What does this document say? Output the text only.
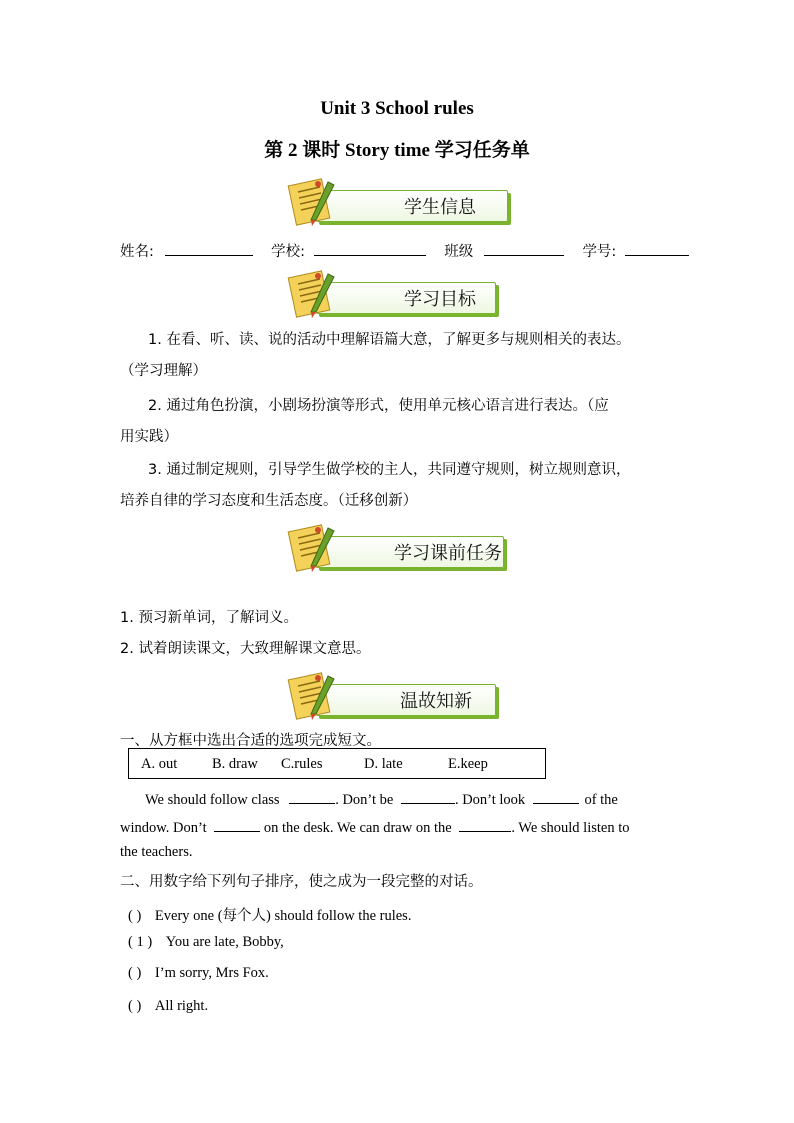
Unit 3 School rules
第 2 课时 Story time 学习任务单
学生信息
姓名:	学校:	班级	学号:
学习目标
1. 在看、听、读、说的活动中理解语篇大意，了解更多与规则相关的表达。
（学习理解）
2. 通过角色扮演，小剧场扮演等形式，使用单元核心语言进行表达。（应
用实践）
3. 通过制定规则，引导学生做学校的主人，共同遵守规则，树立规则意识，
培养自律的学习态度和生活态度。（迁移创新）
学习课前任务
1. 预习新单词，了解词义。
2. 试着朗读课文，大致理解课文意思。
温故知新
一、从方框中选出合适的选项完成短文。
A. out B. draw C.rules	D. late	E.keep
We should follow class	. Don’t be	. Don’t look	of the
window. Don’t	on the desk. We can draw on the	. We should listen to
the teachers.
二、用数字给下列句子排序，使之成为一段完整的对话。
( ) Every one (每个人) should follow the rules.
( 1 ) You are late, Bobby,
( ) I’m sorry, Mrs Fox.
( ) All right.
